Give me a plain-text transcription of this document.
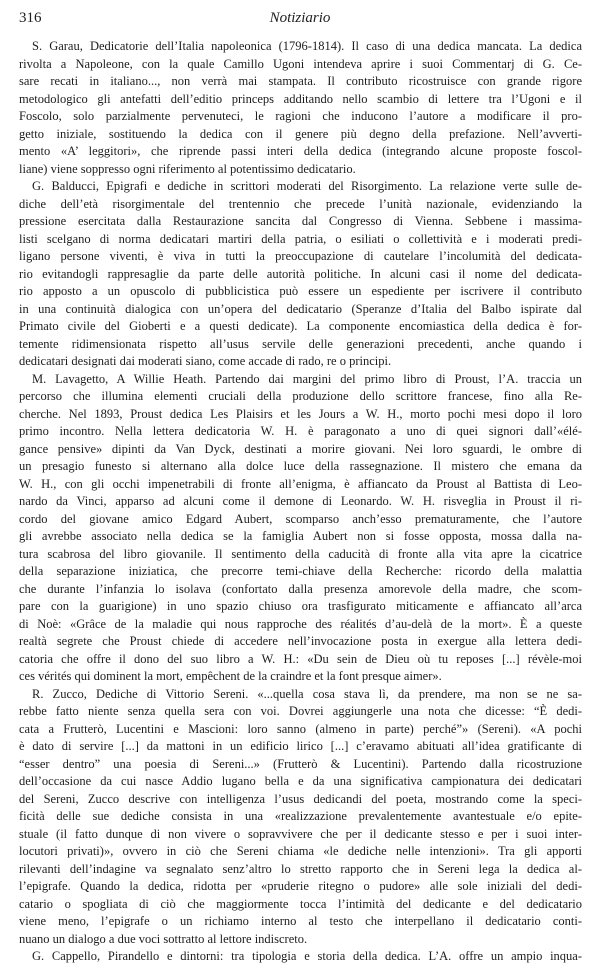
316	Notiziario
S. Garau, Dedicatorie dell’Italia napoleonica (1796-1814). Il caso di una dedica mancata. La dedica
rivolta a Napoleone, con la quale Camillo Ugoni intendeva aprire i suoi Commentarj di G. Ce-
sare recati in italiano..., non verrà mai stampata. Il contributo ricostruisce con grande rigore
metodologico gli antefatti dell’editio princeps additando nello scambio di lettere tra l’Ugoni e il
Foscolo, solo parzialmente pervenuteci, le ragioni che inducono l’autore a modificare il pro-
getto iniziale, sostituendo la dedica con il genere più degno della prefazione. Nell’avverti-
mento «A’ leggitori», che riprende passi interi della dedica (integrando alcune proposte foscol-
liane) viene soppresso ogni riferimento al potentissimo dedicatario.
G. Balducci, Epigrafi e dediche in scrittori moderati del Risorgimento. La relazione verte sulle de-
diche dell’età risorgimentale del trentennio che precede l’unità nazionale, evidenziando la
pressione esercitata dalla Restaurazione sancita dal Congresso di Vienna. Sebbene i massima-
listi scelgano di norma dedicatari martiri della patria, o esiliati o collettività e i moderati predi-
ligano persone viventi, è viva in tutti la preoccupazione di cautelare l’incolumità del dedicata-
rio evitandogli rappresaglie da parte delle autorità politiche. In alcuni casi il nome del dedicata-
rio apposto a un opuscolo di pubblicistica può essere un espediente per iscrivere il contributo
in una continuità dialogica con un’opera del dedicatario (Speranze d’Italia del Balbo ispirate dal
Primato civile del Gioberti e a questi dedicate). La componente encomiastica della dedica è for-
temente ridimensionata rispetto all’usus servile delle generazioni precedenti, anche quando i
dedicatari designati dai moderati siano, come accade di rado, re o principi.
M. Lavagetto, A Willie Heath. Partendo dai margini del primo libro di Proust, l’A. traccia un
percorso che illumina elementi cruciali della produzione dello scrittore francese, fino alla Re-
cherche. Nel 1893, Proust dedica Les Plaisirs et les Jours a W. H., morto pochi mesi dopo il loro
primo incontro. Nella lettera dedicatoria W. H. è paragonato a uno di quei signori dall’«élé-
gance pensive» dipinti da Van Dyck, destinati a morire giovani. Nei loro sguardi, le ombre di
un presagio funesto si alternano alla dolce luce della rassegnazione. Il mistero che emana da
W. H., con gli occhi impenetrabili di fronte all’enigma, è affiancato da Proust al Battista di Leo-
nardo da Vinci, apparso ad alcuni come il demone di Leonardo. W. H. risveglia in Proust il ri-
cordo del giovane amico Edgard Aubert, scomparso anch’esso prematuramente, che l’autore
gli avrebbe associato nella dedica se la famiglia Aubert non si fosse opposta, mossa dalla na-
tura scabrosa del libro giovanile. Il sentimento della caducità di fronte alla vita apre la cicatrice
della separazione iniziatica, che precorre temi-chiave della Recherche: ricordo della malattia
che durante l’infanzia lo isolava (confortato dalla presenza amorevole della madre, che scom-
pare con la guarigione) in uno spazio chiuso ora trasfigurato miticamente e affiancato all’arca
di Noè: «Grâce de la maladie qui nous rapproche des réalités d’au-delà de la mort». È a queste
realtà segrete che Proust chiede di accedere nell’invocazione posta in exergue alla lettera dedi-
catoria che offre il dono del suo libro a W. H.: «Du sein de Dieu où tu reposes [...] révèle-moi
ces vérités qui dominent la mort, empêchent de la craindre et la font presque aimer».
R. Zucco, Dediche di Vittorio Sereni. «...quella cosa stava lì, da prendere, ma non se ne sa-
rebbe fatto niente senza quella sera con voi. Dovrei aggiungerle una nota che dicesse: “È dedi-
cata a Frutterò, Lucentini e Mascioni: loro sanno (almeno in parte) perché”» (Sereni). «A pochi
è dato di servire [...] da mattoni in un edificio lirico [...] c’eravamo abituati all’idea gratificante di
“esser dentro” una poesia di Sereni...» (Frutterò & Lucentini). Partendo dalla ricostruzione
dell’occasione da cui nasce Addio lugano bella e da una significativa campionatura dei dedicatari
del Sereni, Zucco descrive con intelligenza l’usus dedicandi del poeta, mostrando come la speci-
ficità delle sue dediche consista in una «realizzazione prevalentemente avantestuale e/o epite-
stuale (il fatto dunque di non vivere o sopravvivere che per il dedicante stesso e per i suoi inter-
locutori privati)», ovvero in ciò che Sereni chiama «le dediche nelle intenzioni». Tra gli apporti
rilevanti dell’indagine va segnalato senz’altro lo stretto rapporto che in Sereni lega la dedica al-
l’epigrafe. Quando la dedica, ridotta per «pruderie ritegno o pudore» alle sole iniziali del dedi-
catario o spogliata di ciò che maggiormente tocca l’intimità del dedicante e del dedicatario
viene meno, l’epigrafe o un richiamo interno al testo che interpellano il dedicatario conti-
nuano un dialogo a due voci sottratto al lettore indiscreto.
G. Cappello, Pirandello e dintorni: tra tipologia e storia della dedica. L’A. offre un ampio inqua-
